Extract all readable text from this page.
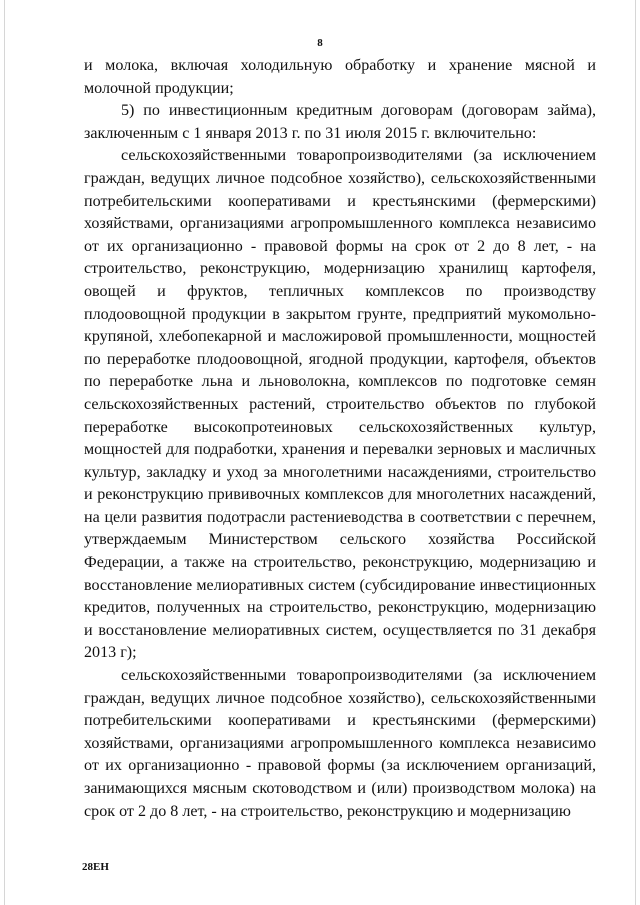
8

и молока, включая холодильную обработку и хранение мясной и молочной продукции;

5) по инвестиционным кредитным договорам (договорам займа), заключенным с 1 января 2013 г. по 31 июля 2015 г. включительно:

сельскохозяйственными товаропроизводителями (за исключением граждан, ведущих личное подсобное хозяйство), сельскохозяйственными потребительскими кооперативами и крестьянскими (фермерскими) хозяйствами, организациями агропромышленного комплекса независимо от их организационно - правовой формы на срок от 2 до 8 лет, - на строительство, реконструкцию, модернизацию хранилищ картофеля, овощей и фруктов, тепличных комплексов по производству плодоовощной продукции в закрытом грунте, предприятий мукомольно-крупяной, хлебопекарной и масложировой промышленности, мощностей по переработке плодоовощной, ягодной продукции, картофеля, объектов по переработке льна и льноволокна, комплексов по подготовке семян сельскохозяйственных растений, строительство объектов по глубокой переработке высокопротеиновых сельскохозяйственных культур, мощностей для подработки, хранения и перевалки зерновых и масличных культур, закладку и уход за многолетними насаждениями, строительство и реконструкцию прививочных комплексов для многолетних насаждений, на цели развития подотрасли растениеводства в соответствии с перечнем, утверждаемым Министерством сельского хозяйства Российской Федерации, а также на строительство, реконструкцию, модернизацию и восстановление мелиоративных систем (субсидирование инвестиционных кредитов, полученных на строительство, реконструкцию, модернизацию и восстановление мелиоративных систем, осуществляется по 31 декабря 2013 г);

сельскохозяйственными товаропроизводителями (за исключением граждан, ведущих личное подсобное хозяйство), сельскохозяйственными потребительскими кооперативами и крестьянскими (фермерскими) хозяйствами, организациями агропромышленного комплекса независимо от их организационно - правовой формы (за исключением организаций, занимающихся мясным скотоводством и (или) производством молока) на срок от 2 до 8 лет, - на строительство, реконструкцию и модернизацию

28ЕН
